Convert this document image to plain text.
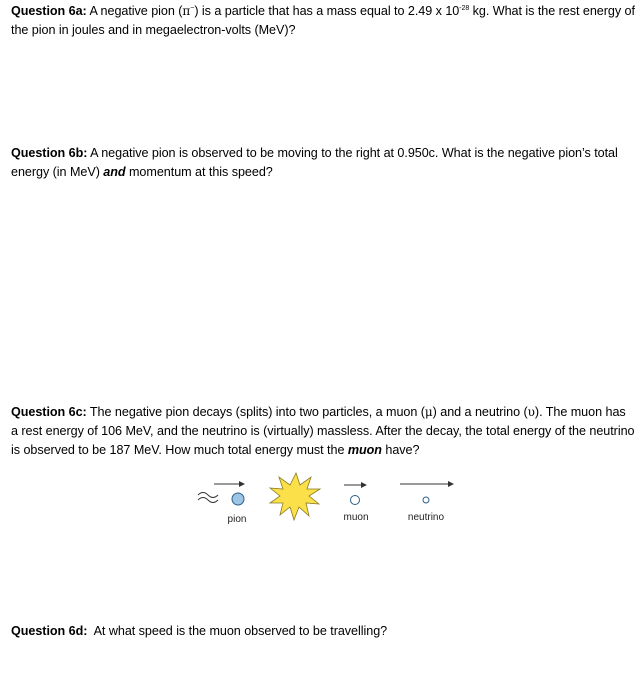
Question 6a: A negative pion (π−) is a particle that has a mass equal to 2.49 x $10^{-28}$ kg. What is the rest energy of the pion in joules and in megaelectron-volts (MeV)?
Question 6b: A negative pion is observed to be moving to the right at 0.950c. What is the negative pion’s total energy (in MeV) and momentum at this speed?
Question 6c: The negative pion decays (splits) into two particles, a muon (μ) and a neutrino (υ). The muon has a rest energy of 106 MeV, and the neutrino is (virtually) massless. After the decay, the total energy of the neutrino is observed to be 187 MeV. How much total energy must the muon have?
pion	muon	neutrino
Question 6d:  At what speed is the muon observed to be travelling?
